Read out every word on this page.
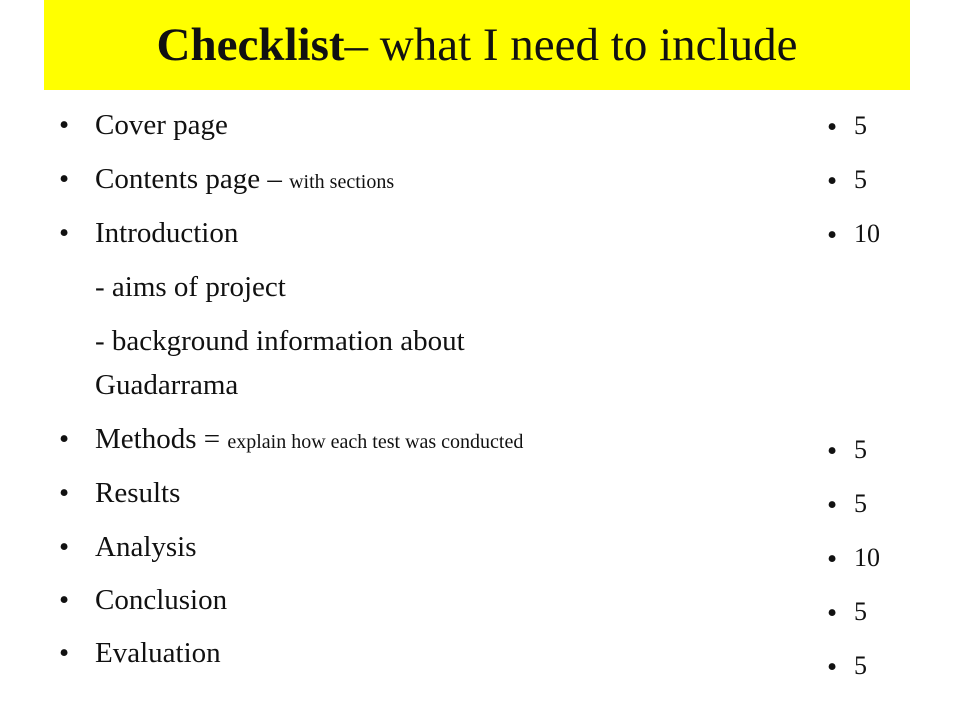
Checklist – what I need to include
• Cover page
• Contents page – with sections
• Introduction
- aims of project
- background information about
Guadarrama
• Methods = explain how each test was conducted
• Results
• Analysis
• Conclusion
• Evaluation
• 5
• 5
• 10
• 5
• 5
• 10
• 5
• 5
